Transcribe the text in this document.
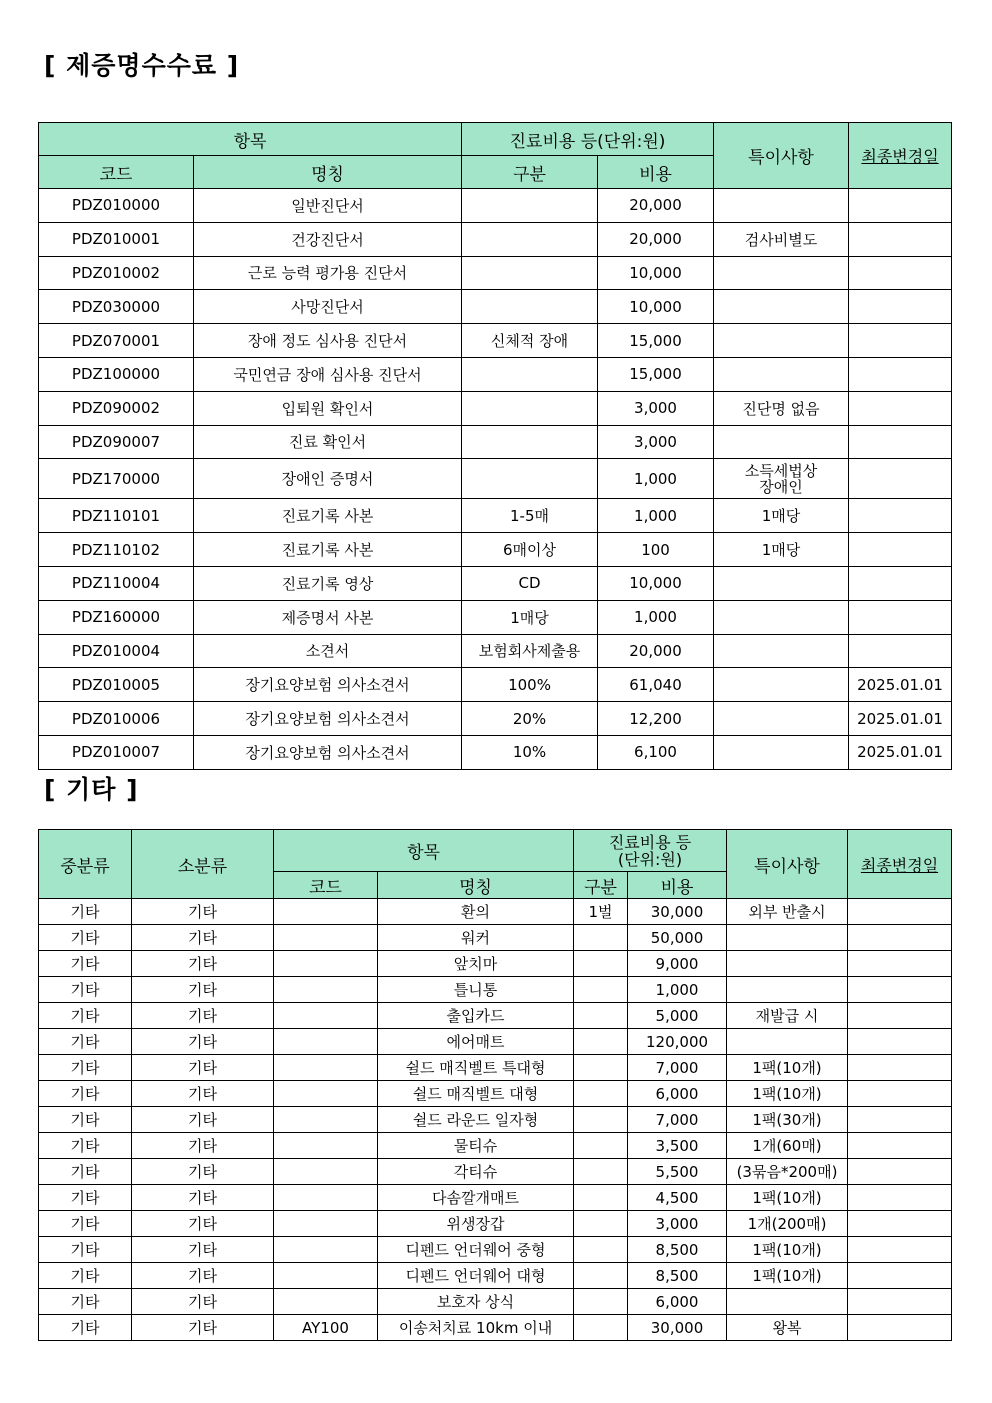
[ 제증명수수료 ]
항목		진료비용 등(단위:원)		특이사항	최종변경일
코드	명칭	구분	비용		
PDZ010000	일반진단서		20,000		
PDZ010001	건강진단서		20,000	검사비별도	
PDZ010002	근로 능력 평가용 진단서		10,000		
PDZ030000	사망진단서		10,000		
PDZ070001	장애 정도 심사용 진단서	신체적 장애	15,000		
PDZ100000	국민연금 장애 심사용 진단서		15,000		
PDZ090002	입퇴원 확인서		3,000	진단명 없음	
PDZ090007	진료 확인서		3,000		
PDZ170000	장애인 증명서		1,000	소득세법상
장애인	

PDZ110101	진료기록 사본	1-5매	1,000	1매당	
PDZ110102	진료기록 사본	6매이상	100	1매당	
PDZ110004	진료기록 영상	CD	10,000		
PDZ160000	제증명서 사본	1매당	1,000		
PDZ010004	소견서	보험회사제출용	20,000		
PDZ010005	장기요양보험 의사소견서	100%	61,040		2025.01.01
PDZ010006	장기요양보험 의사소견서	20%	12,200		2025.01.01
PDZ010007	장기요양보험 의사소견서	10%	6,100		2025.01.01
[ 기타 ]
중분류	소분류	항목		진료비용 등
(단위:원)		특이사항	최종변경일
		코드	명칭	구분	비용		
기타	기타		환의	1벌	30,000	외부 반출시	
기타	기타		워커		50,000		
기타	기타		앞치마		9,000		
기타	기타		틀니통		1,000		
기타	기타		출입카드		5,000	재발급 시	
기타	기타		에어매트		120,000		
기타	기타		쉴드 매직벨트 특대형		7,000	1팩(10개)	
기타	기타		쉴드 매직벨트 대형		6,000	1팩(10개)	
기타	기타		쉴드 라운드 일자형		7,000	1팩(30개)	
기타	기타		물티슈		3,500	1개(60매)	
기타	기타		각티슈		5,500	(3묶음*200매)	
기타	기타		다솜깔개매트		4,500	1팩(10개)	
기타	기타		위생장갑		3,000	1개(200매)	
기타	기타		디펜드 언더웨어 중형		8,500	1팩(10개)	
기타	기타		디펜드 언더웨어 대형		8,500	1팩(10개)	
기타	기타		보호자 상식		6,000		
기타	기타	AY100	이송처치료 10km 이내		30,000	왕복	
